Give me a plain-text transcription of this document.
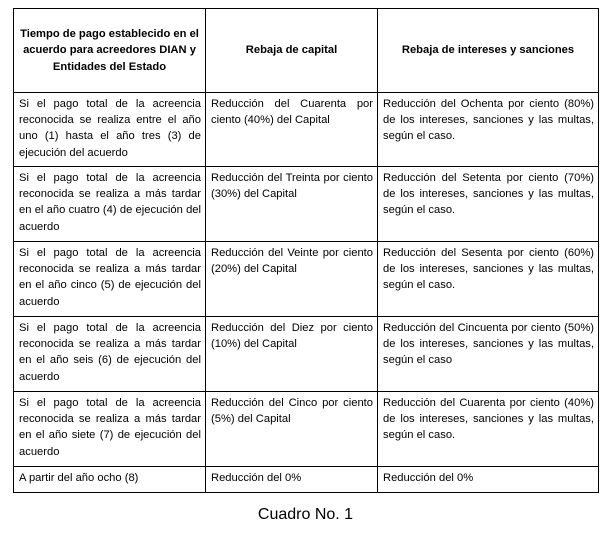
Tiempo de pago establecido en el acuerdo para acreedores DIAN y Entidades del Estado	Rebaja de capital	Rebaja de intereses y sanciones
Si el pago total de la acreencia reconocida se realiza entre el año uno (1) hasta el año tres (3) de ejecución del acuerdo	Reducción del Cuarenta por ciento (40%) del Capital	Reducción del Ochenta por ciento (80%) de los intereses, sanciones y las multas, según el caso.
Si el pago total de la acreencia reconocida se realiza a más tardar en el año cuatro (4) de ejecución del acuerdo	Reducción del Treinta por ciento (30%) del Capital	Reducción del Setenta por ciento (70%) de los intereses, sanciones y las multas, según el caso.
Si el pago total de la acreencia reconocida se realiza a más tardar en el año cinco (5) de ejecución del acuerdo	Reducción del Veinte por ciento (20%) del Capital	Reducción del Sesenta por ciento (60%) de los intereses, sanciones y las multas, según el caso.
Si el pago total de la acreencia reconocida se realiza a más tardar en el año seis (6) de ejecución del acuerdo	Reducción del Diez por ciento (10%) del Capital	Reducción del Cincuenta por ciento (50%) de los intereses, sanciones y las multas, según el caso
Si el pago total de la acreencia reconocida se realiza a más tardar en el año siete (7) de ejecución del acuerdo	Reducción del Cinco por ciento (5%) del Capital	Reducción del Cuarenta por ciento (40%) de los intereses, sanciones y las multas, según el caso.
A partir del año ocho (8)	Reducción del 0%	Reducción del 0%
Cuadro No. 1
